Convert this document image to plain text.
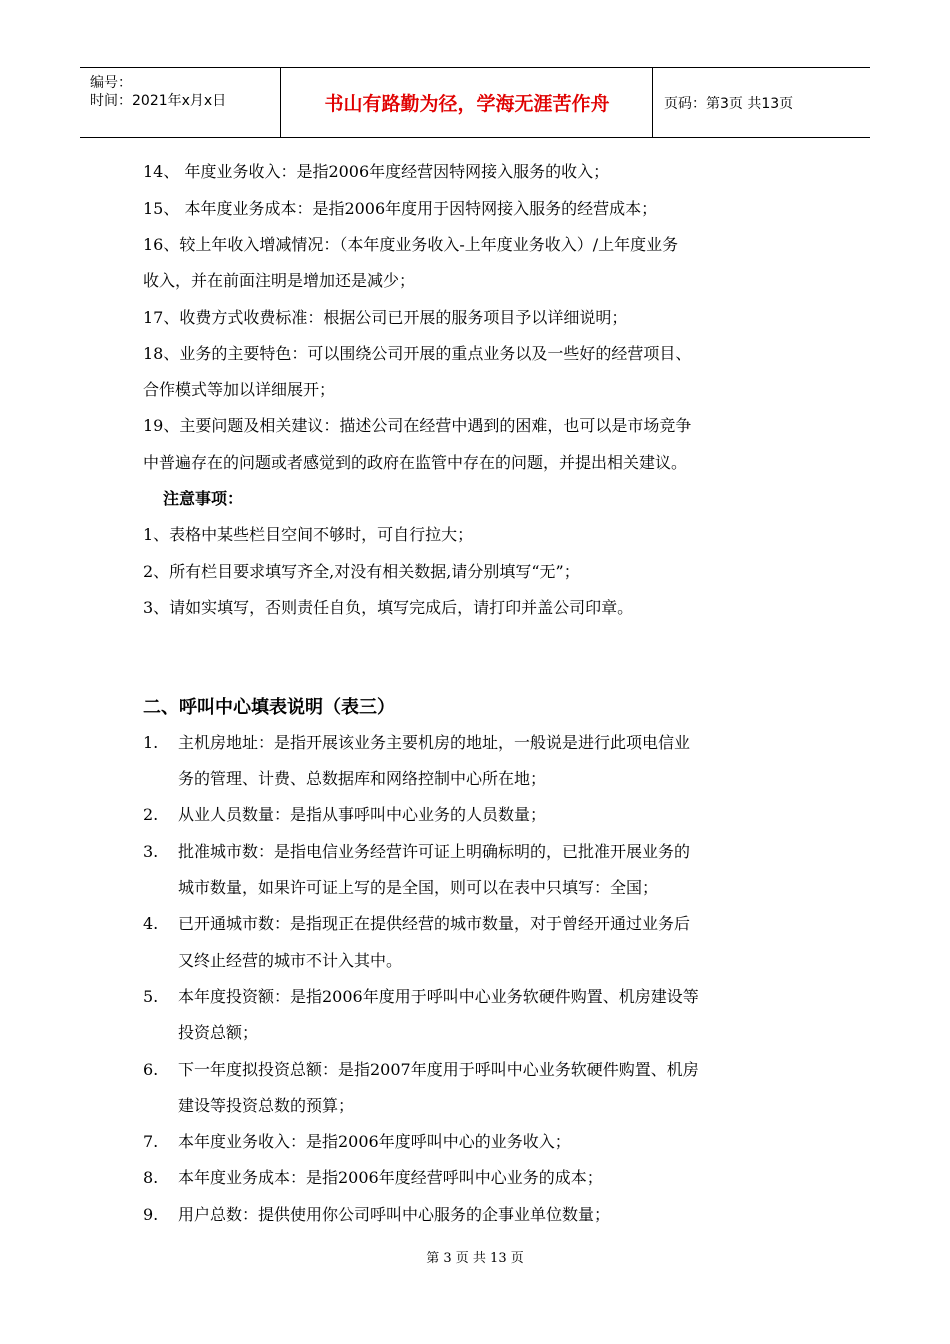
编号：
时间：2021年x月x日	书山有路勤为径，学海无涯苦作舟	页码：第3页 共13页
14、 年度业务收入：是指2006年度经营因特网接入服务的收入；
15、 本年度业务成本：是指2006年度用于因特网接入服务的经营成本；
16、较上年收入增减情况：（本年度业务收入-上年度业务收入）/上年度业务
收入，并在前面注明是增加还是减少；
17、收费方式收费标准：根据公司已开展的服务项目予以详细说明；
18、业务的主要特色：可以围绕公司开展的重点业务以及一些好的经营项目、
合作模式等加以详细展开；
19、主要问题及相关建议：描述公司在经营中遇到的困难，也可以是市场竞争
中普遍存在的问题或者感觉到的政府在监管中存在的问题，并提出相关建议。
注意事项：
1、表格中某些栏目空间不够时，可自行拉大；
2、所有栏目要求填写齐全,对没有相关数据,请分别填写“无”；
3、请如实填写，否则责任自负，填写完成后，请打印并盖公司印章。
二、呼叫中心填表说明（表三）
1. 主机房地址：是指开展该业务主要机房的地址，一般说是进行此项电信业
务的管理、计费、总数据库和网络控制中心所在地；
2. 从业人员数量：是指从事呼叫中心业务的人员数量；
3. 批准城市数：是指电信业务经营许可证上明确标明的，已批准开展业务的
城市数量，如果许可证上写的是全国，则可以在表中只填写：全国；
4. 已开通城市数：是指现正在提供经营的城市数量，对于曾经开通过业务后
又终止经营的城市不计入其中。
5. 本年度投资额：是指2006年度用于呼叫中心业务软硬件购置、机房建设等
投资总额；
6. 下一年度拟投资总额：是指2007年度用于呼叫中心业务软硬件购置、机房
建设等投资总数的预算；
7. 本年度业务收入：是指2006年度呼叫中心的业务收入；
8. 本年度业务成本：是指2006年度经营呼叫中心业务的成本；
9. 用户总数：提供使用你公司呼叫中心服务的企事业单位数量；
第 3 页 共 13 页
